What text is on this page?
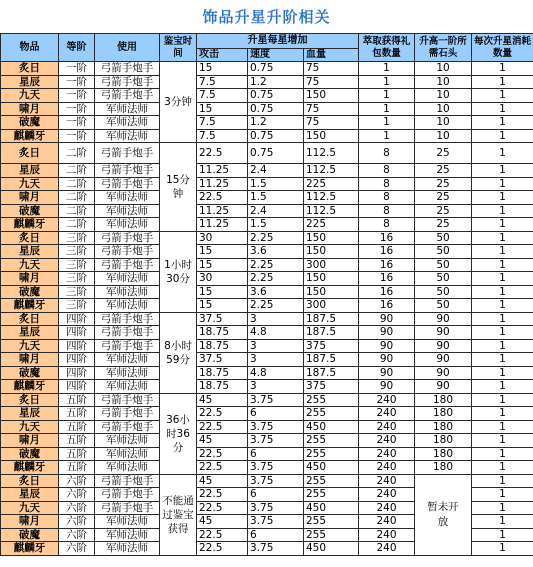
饰品升星升阶相关
物品	等阶	使用	鉴宝时间	升星每星增加			萃取获得礼包数量	升高一阶所需石头	每次升星消耗数量
				攻击	速度	血量			
炙日	一阶	弓箭手炮手	3分钟	15	0.75	75	1	10	1
星辰	一阶	弓箭手炮手		7.5	1.2	75	1	10	1
九天	一阶	弓箭手炮手		7.5	0.75	150	1	10	1
啸月	一阶	军师法师		15	0.75	75	1	10	1
破魔	一阶	军师法师		7.5	1.2	75	1	10	1
麒麟牙	一阶	军师法师		7.5	0.75	150	1	10	1
炙日	二阶	弓箭手炮手	15分钟	22.5	0.75	112.5	8	25	1
星辰	二阶	弓箭手炮手		11.25	2.4	112.5	8	25	1
九天	二阶	弓箭手炮手		11.25	1.5	225	8	25	1
啸月	二阶	军师法师		22.5	1.5	112.5	8	25	1
破魔	二阶	军师法师		11.25	2.4	112.5	8	25	1
麒麟牙	二阶	军师法师		11.25	1.5	225	8	25	1
炙日	三阶	弓箭手炮手	1小时30分	30	2.25	150	16	50	1
星辰	三阶	弓箭手炮手		15	3.6	150	16	50	1
九天	三阶	弓箭手炮手		15	2.25	300	16	50	1
啸月	三阶	军师法师		30	2.25	150	16	50	1
破魔	三阶	军师法师		15	3.6	150	16	50	1
麒麟牙	三阶	军师法师		15	2.25	300	16	50	1
炙日	四阶	弓箭手炮手	8小时59分	37.5	3	187.5	90	90	1
星辰	四阶	弓箭手炮手		18.75	4.8	187.5	90	90	1
九天	四阶	弓箭手炮手		18.75	3	375	90	90	1
啸月	四阶	军师法师		37.5	3	187.5	90	90	1
破魔	四阶	军师法师		18.75	4.8	187.5	90	90	1
麒麟牙	四阶	军师法师		18.75	3	375	90	90	1
炙日	五阶	弓箭手炮手	36小时36分	45	3.75	255	240	180	1
星辰	五阶	弓箭手炮手		22.5	6	255	240	180	1
九天	五阶	弓箭手炮手		22.5	3.75	450	240	180	1
啸月	五阶	军师法师		45	3.75	255	240	180	1
破魔	五阶	军师法师		22.5	6	255	240	180	1
麒麟牙	五阶	军师法师		22.5	3.75	450	240	180	1
炙日	六阶	弓箭手炮手	不能通过鉴宝获得	45	3.75	255	240	暂未开放	1
星辰	六阶	弓箭手炮手		22.5	6	255	240		1
九天	六阶	弓箭手炮手		22.5	3.75	450	240		1
啸月	六阶	军师法师		45	3.75	255	240		1
破魔	六阶	军师法师		22.5	6	255	240		1
麒麟牙	六阶	军师法师		22.5	3.75	450	240		1
